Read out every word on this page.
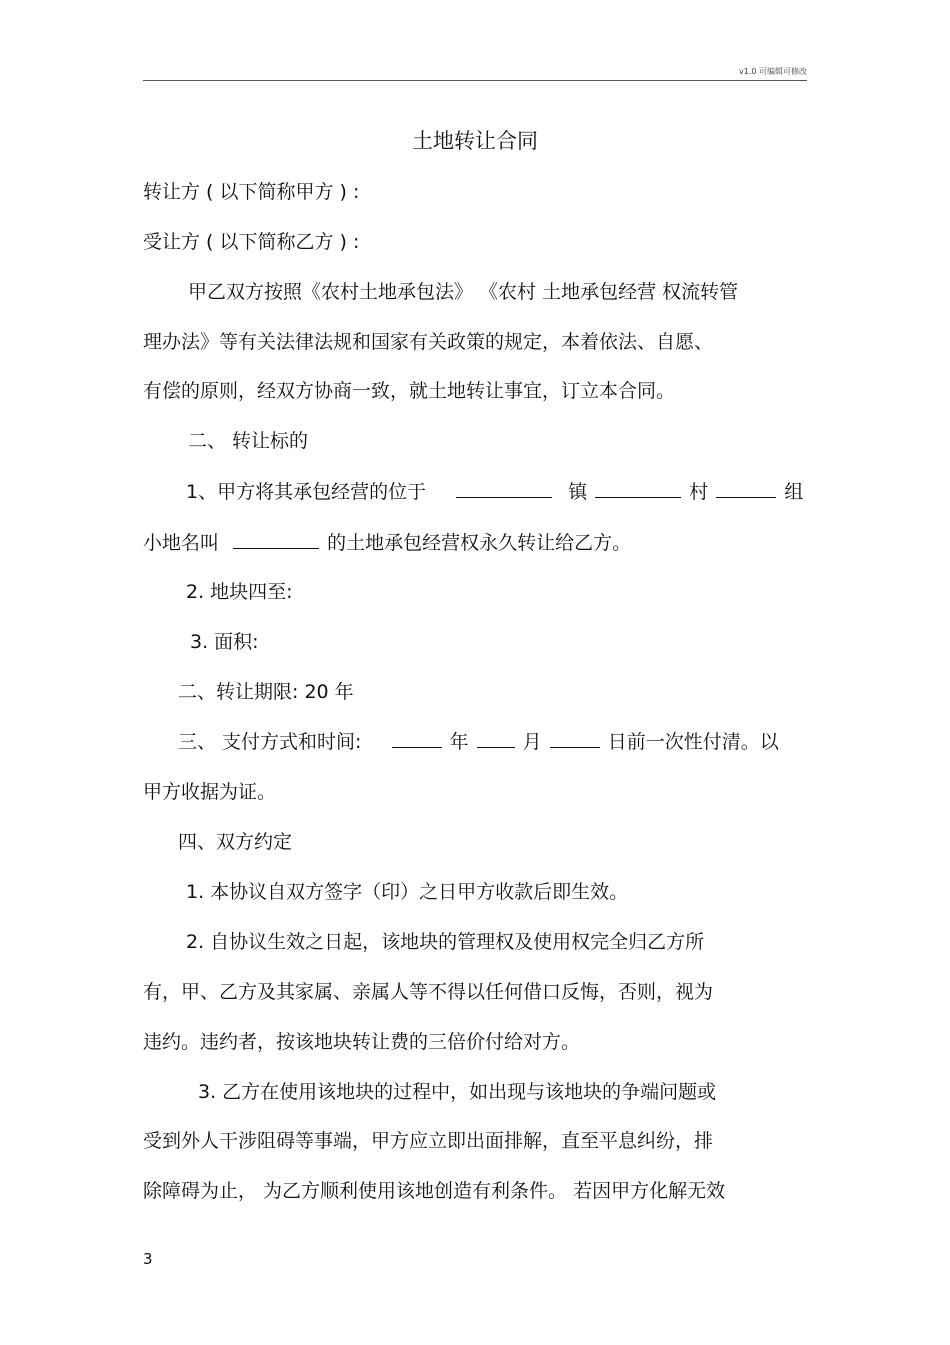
v1.0 可编辑可修改
土地转让合同
转让方 ( 以下简称甲方 ) :
受让方 ( 以下简称乙方 ) :
甲乙双方按照《农村土地承包法》 《农村 土地承包经营 权流转管
理办法》等有关法律法规和国家有关政策的规定，本着依法、自愿、
有偿的原则，经双方协商一致，就土地转让事宜，订立本合同。
二、 转让标的
1、甲方将其承包经营的位于	镇	村	组
小地名叫	的土地承包经营权永久转让给乙方。
2. 地块四至:
3. 面积:
二、转让期限: 20 年
三、 支付方式和时间:	年	月	日前一次性付清。以
甲方收据为证。
四、双方约定
1. 本协议自双方签字（印）之日甲方收款后即生效。
2. 自协议生效之日起，该地块的管理权及使用权完全归乙方所
有，甲、乙方及其家属、亲属人等不得以任何借口反悔，否则，视为
违约。违约者，按该地块转让费的三倍价付给对方。
3. 乙方在使用该地块的过程中，如出现与该地块的争端问题或
受到外人干涉阻碍等事端，甲方应立即出面排解，直至平息纠纷，排
除障碍为止， 为乙方顺利使用该地创造有利条件。 若因甲方化解无效
3
